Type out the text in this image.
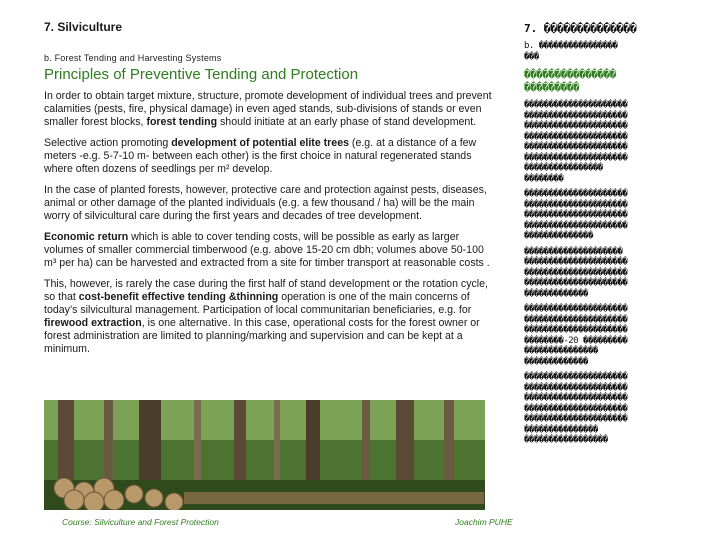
7. Silviculture
b. Forest Tending and Harvesting Systems
Principles of Preventive Tending and Protection

In order to obtain target mixture, structure, promote development of individual trees and prevent calamities (pests, fire, physical damage) in even aged stands, sub-divisions of stands or even smaller forest blocks, forest tending should initiate at an early phase of stand development.

Selective action promoting development of potential elite trees (e.g. at a distance of a few meters -e.g. 5-7-10 m- between each other) is the first choice in natural regenerated stands where often dozens of seedlings per m² develop.

In the case of planted forests, however, protective care and protection against pests, diseases, animal or other damage of the planted individuals (e.g. a few thousand / ha) will be the main worry of silvicultural care during the first years and decades of tree development.

Economic return which is able to cover tending costs, will be possible as early as larger volumes of smaller commercial timberwood (e.g. above 15-20 cm dbh; volumes above 50-100 m³ per ha) can be harvested and extracted from a site for timber transport at reasonable costs .

This, however, is rarely the case during the first half of stand development or the rotation cycle, so that cost-benefit effective tending &thinning operation is one of the main concerns of today’s silvicultural management. Participation of local communitarian beneficiaries, e.g. for firewood extraction, is one alternative. In this case, operational costs for the forest owner or forest administration are limited to planning/marking and supervision and can be kept at a minimum.

Course: Silviculture and Forest Protection	Joachim PUHE
7. ��������������
b. ����������������
���
���������������
���������
���������������������
���������������������
���������������������
���������������������
���������������������
���������������������
����������������
��������
���������������������
���������������������
���������������������
���������������������
��������������
��������������������
���������������������
���������������������
���������������������
�������������
���������������������
���������������������
���������������������
��������-20 ���������
���������������
�������������
���������������������
���������������������
���������������������
���������������������
���������������������
���������������
�����������������
